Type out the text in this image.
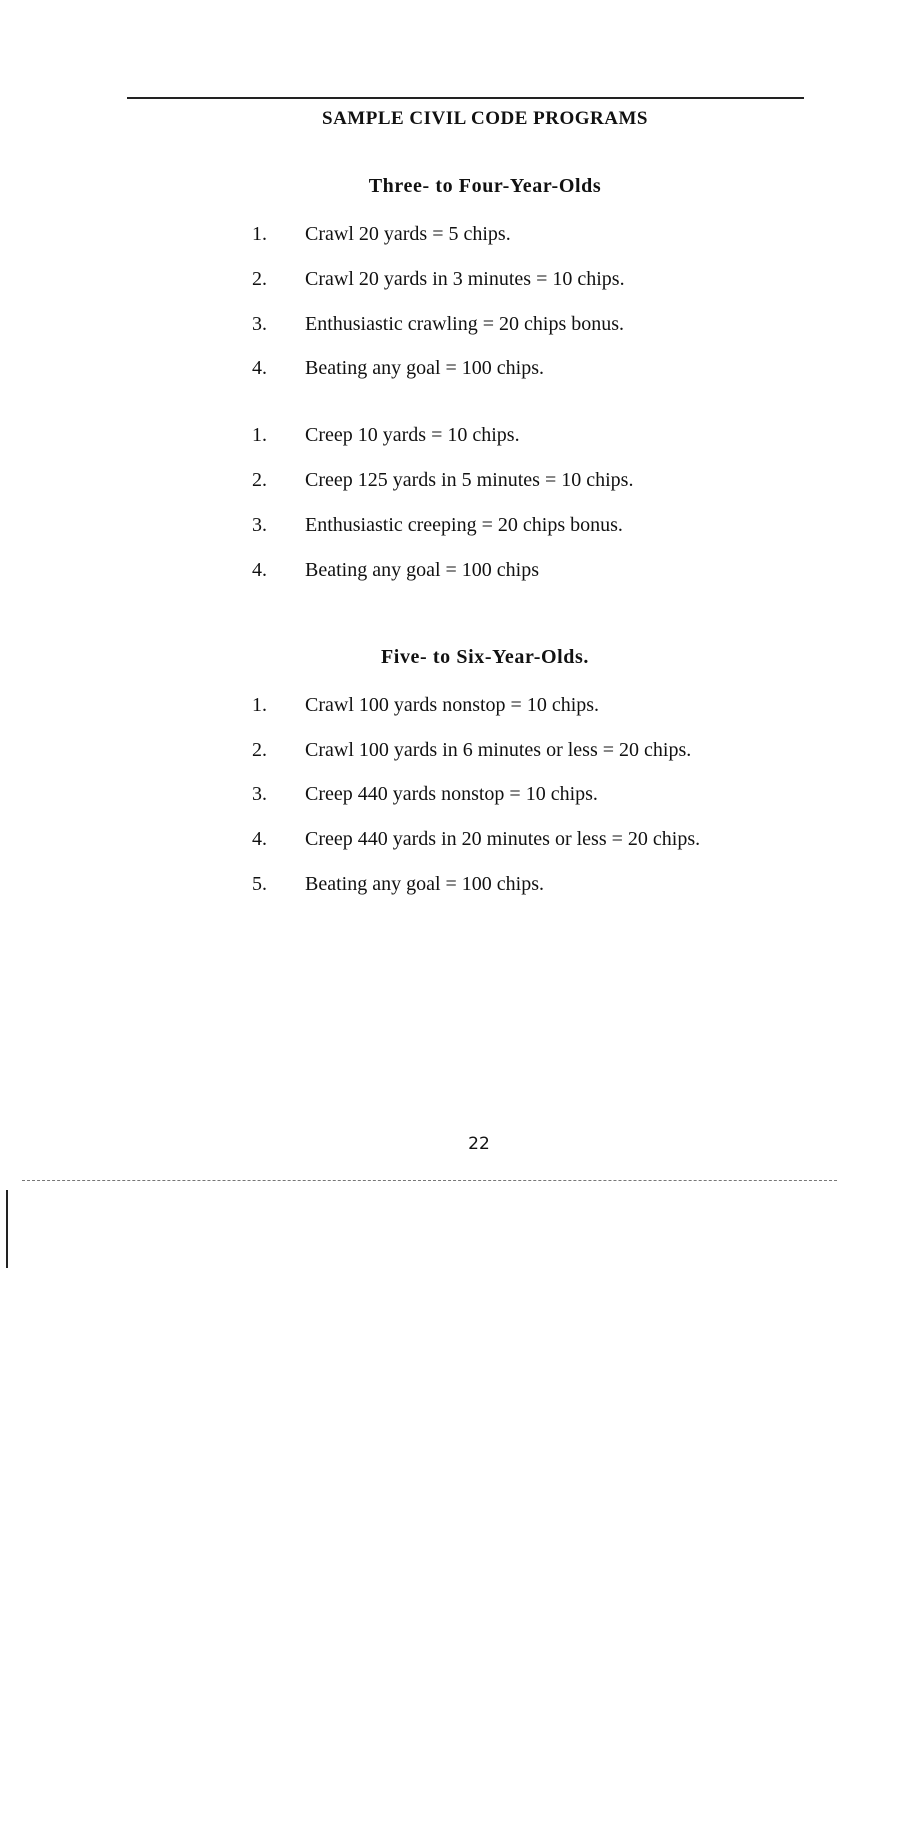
SAMPLE CIVIL CODE PROGRAMS
Three- to Four-Year-Olds
1. Crawl 20 yards = 5 chips.
2. Crawl 20 yards in 3 minutes = 10 chips.
3. Enthusiastic crawling = 20 chips bonus.
4. Beating any goal = 100 chips.
1. Creep 10 yards = 10 chips.
2. Creep 125 yards in 5 minutes = 10 chips.
3. Enthusiastic creeping = 20 chips bonus.
4. Beating any goal = 100 chips
Five- to Six-Year-Olds.
1. Crawl 100 yards nonstop = 10 chips.
2. Crawl 100 yards in 6 minutes or less = 20 chips.
3. Creep 440 yards nonstop = 10 chips.
4. Creep 440 yards in 20 minutes or less = 20 chips.
5. Beating any goal = 100 chips.
22
